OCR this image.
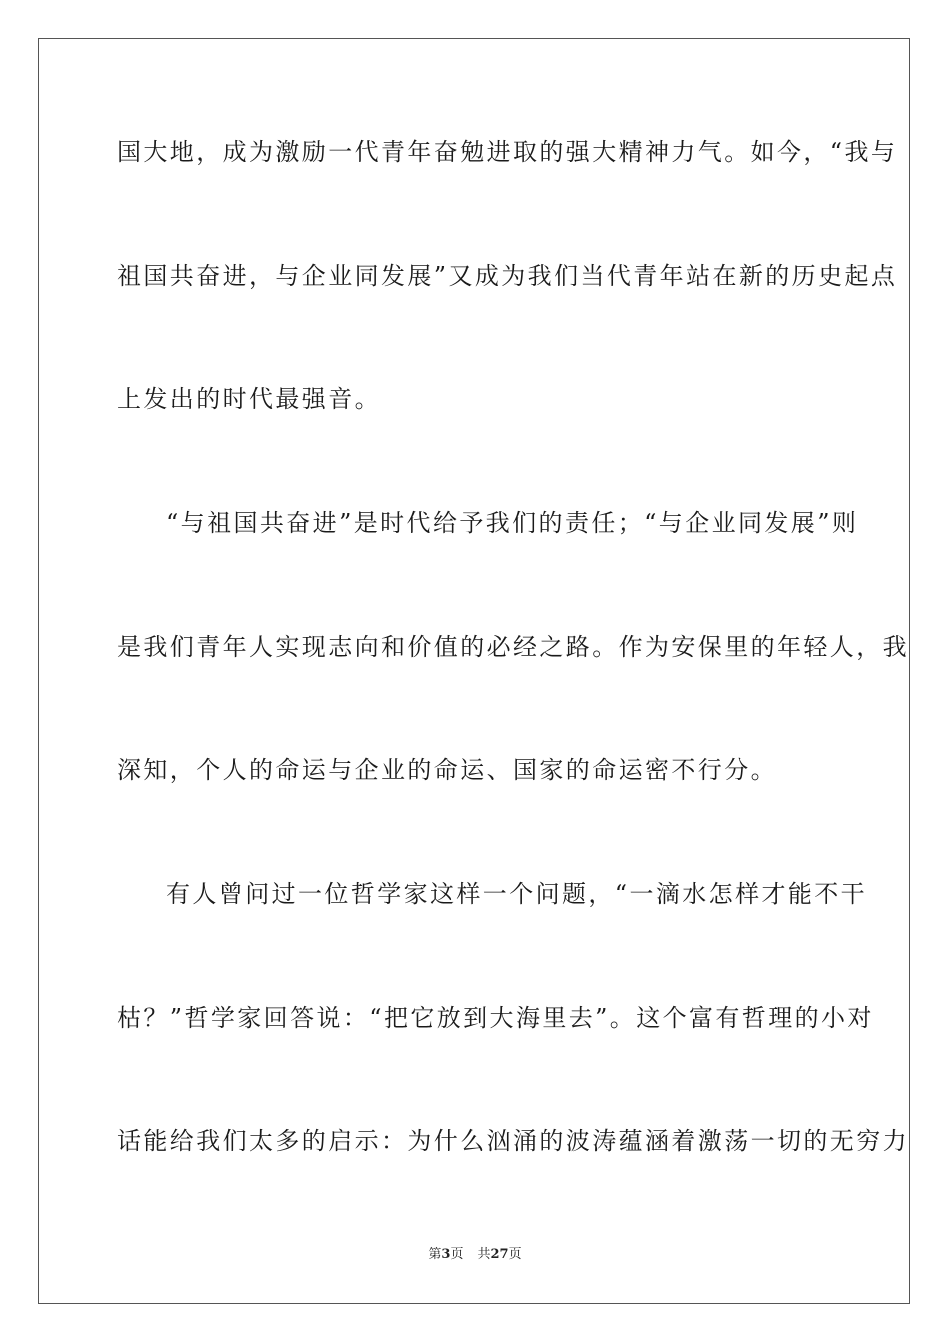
国大地，成为激励一代青年奋勉进取的强大精神力气。如今，“我与
祖国共奋进，与企业同发展”又成为我们当代青年站在新的历史起点
上发出的时代最强音。
“与祖国共奋进”是时代给予我们的责任；“与企业同发展”则
是我们青年人实现志向和价值的必经之路。作为安保里的年轻人，我
深知，个人的命运与企业的命运、国家的命运密不行分。
有人曾问过一位哲学家这样一个问题，“一滴水怎样才能不干
枯？”哲学家回答说：“把它放到大海里去”。这个富有哲理的小对
话能给我们太多的启示：为什么汹涌的波涛蕴涵着激荡一切的无穷力
第3页 共27页
